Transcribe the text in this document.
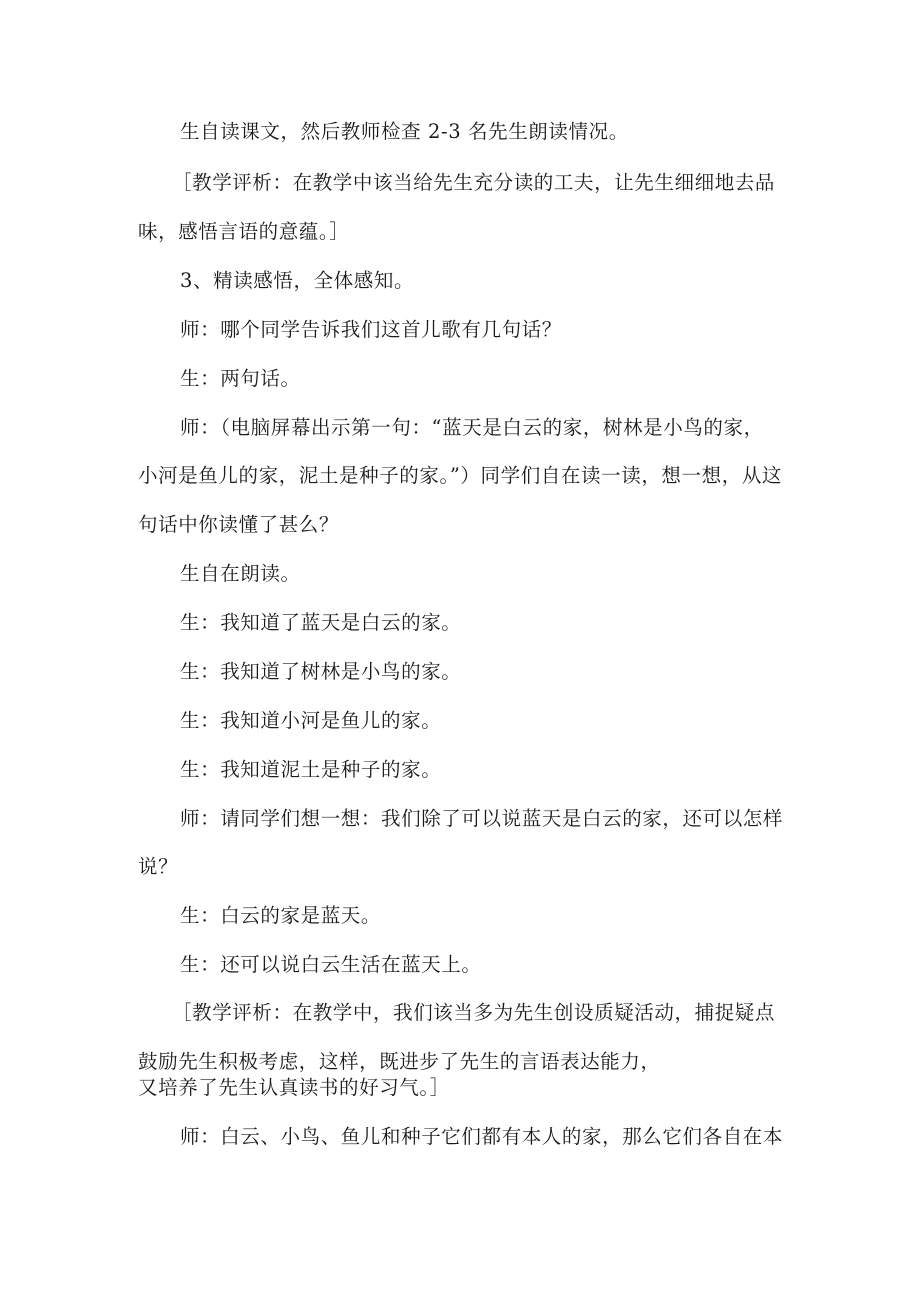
生自读课文，然后教师检查 2-3 名先生朗读情况。

［教学评析：在教学中该当给先生充分读的工夫，让先生细细地去品

味，感悟言语的意蕴。］

3、精读感悟，全体感知。

师：哪个同学告诉我们这首儿歌有几句话？

生：两句话。

师：（电脑屏幕出示第一句：“蓝天是白云的家，树林是小鸟的家，

小河是鱼儿的家，泥土是种子的家。”）同学们自在读一读，想一想，从这

句话中你读懂了甚么？

生自在朗读。

生：我知道了蓝天是白云的家。

生：我知道了树林是小鸟的家。

生：我知道小河是鱼儿的家。

生：我知道泥土是种子的家。

师：请同学们想一想：我们除了可以说蓝天是白云的家，还可以怎样

说？

生：白云的家是蓝天。

生：还可以说白云生活在蓝天上。

［教学评析：在教学中，我们该当多为先生创设质疑活动，捕捉疑点

鼓励先生积极考虑，这样，既进步了先生的言语表达能力，

又培养了先生认真读书的好习气。］

师：白云、小鸟、鱼儿和种子它们都有本人的家，那么它们各自在本
